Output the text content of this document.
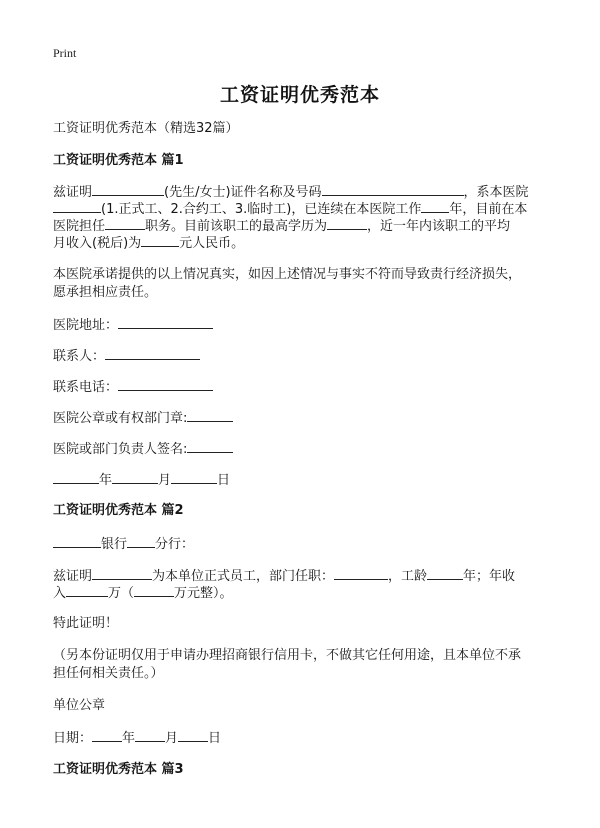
Print
工资证明优秀范本
工资证明优秀范本（精选32篇）
工资证明优秀范本 篇1
兹证明	(先生/女士)证件名称及号码	，系本医院
(1.正式工、2.合约工、3.临时工)，已连续在本医院工作 年，目前在本
医院担任	职务。目前该职工的最高学历为	，近一年内该职工的平均
月收入(税后)为	元人民币。
本医院承诺提供的以上情况真实，如因上述情况与事实不符而导致责行经济损失，
愿承担相应责任。
医院地址：
联系人：
联系电话：
医院公章或有权部门章:
医院或部门负责人签名:
年	月	日
工资证明优秀范本 篇2
银行 分行：
兹证明	为本单位正式员工，部门任职：	，工龄	年；年收
入	万（	万元整）。
特此证明！
（另本份证明仅用于申请办理招商银行信用卡，不做其它任何用途，且本单位不承
担任何相关责任。）
单位公章
日期： 年 月 日
工资证明优秀范本 篇3
